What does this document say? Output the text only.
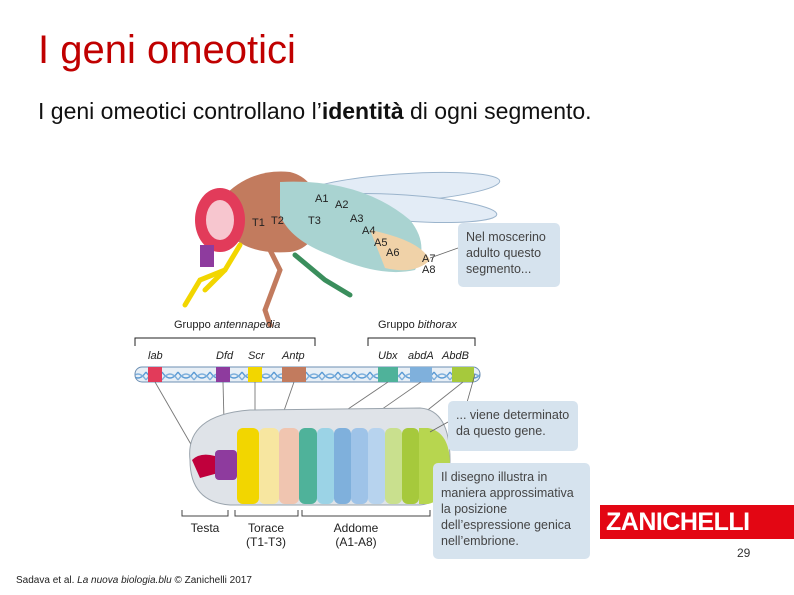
I geni omeotici
I geni omeotici controllano l’identità di ogni segmento.
T1 T2 T3
A1 A2
A3
A4
A5
A6 A7
A8
Gruppo antennapedia	Gruppo bithorax
lab	Dfd Scr Antp	Ubx abdA AbdB
Testa Torace
(T1-T3)
Addome
(A1-A8)
Nel moscerino
adulto questo
segmento...
... viene determinato
da questo gene.
Il disegno illustra in
maniera approssimativa
la posizione
dell’espressione genica
nell’embrione.
ZANICHELLI
29
Sadava et al. La nuova biologia.blu © Zanichelli 2017
